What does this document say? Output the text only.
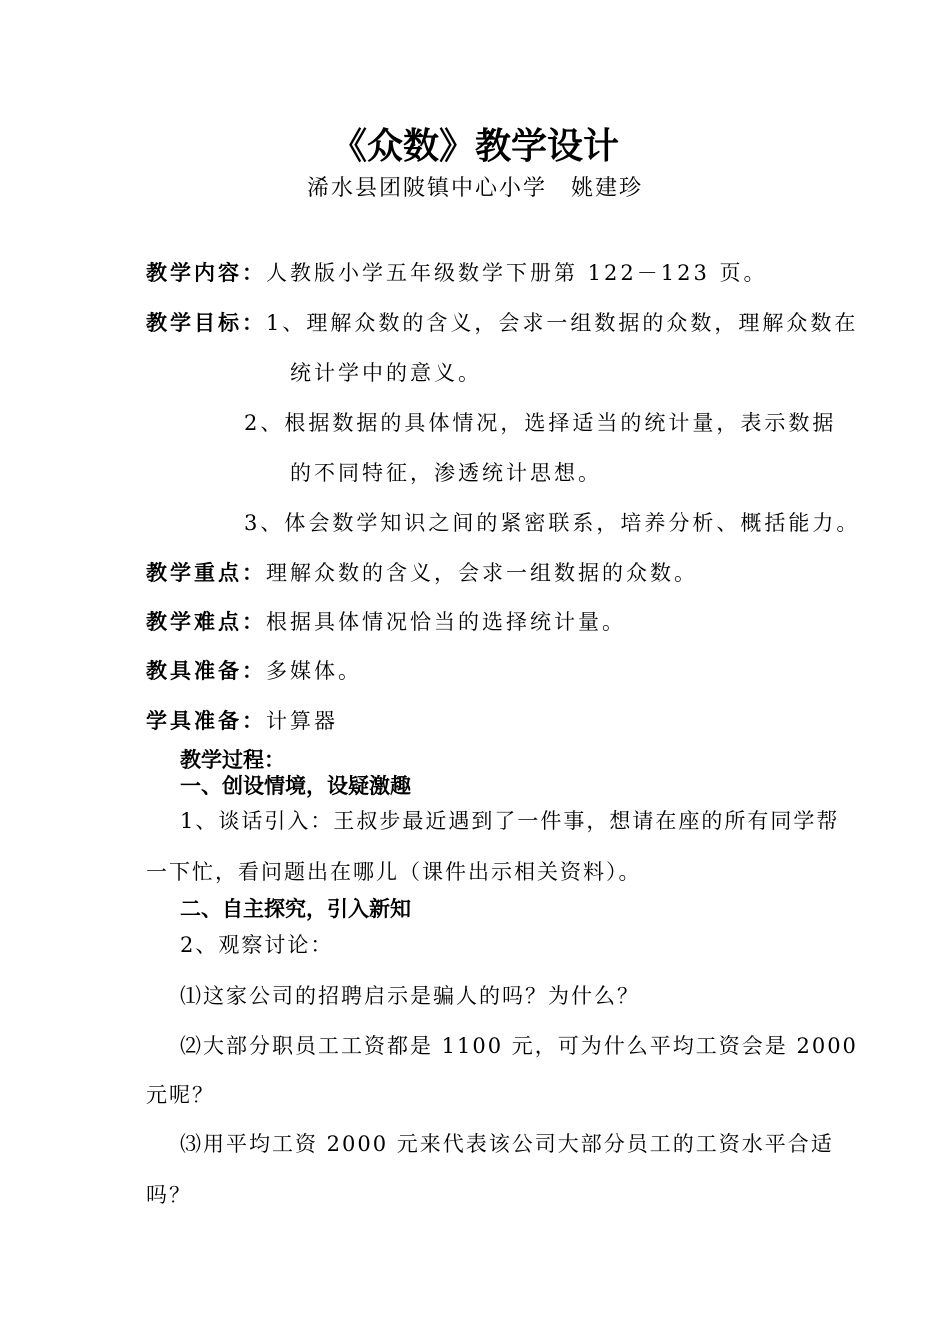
《众数》教学设计
浠水县团陂镇中心小学　姚建珍
教学内容：人教版小学五年级数学下册第 122－123 页。
教学目标：1、理解众数的含义，会求一组数据的众数，理解众数在
统计学中的意义。
2、根据数据的具体情况，选择适当的统计量，表示数据
的不同特征，渗透统计思想。
3、体会数学知识之间的紧密联系，培养分析、概括能力。
教学重点：理解众数的含义，会求一组数据的众数。
教学难点：根据具体情况恰当的选择统计量。
教具准备：多媒体。
学具准备：计算器
教学过程：
一、创设情境，设疑激趣
1、谈话引入：王叔步最近遇到了一件事，想请在座的所有同学帮
一下忙，看问题出在哪儿（课件出示相关资料）。
二、自主探究，引入新知
2、观察讨论：
⑴这家公司的招聘启示是骗人的吗？为什么？
⑵大部分职员工工资都是 1100 元，可为什么平均工资会是 2000
元呢？
⑶用平均工资 2000 元来代表该公司大部分员工的工资水平合适
吗？
